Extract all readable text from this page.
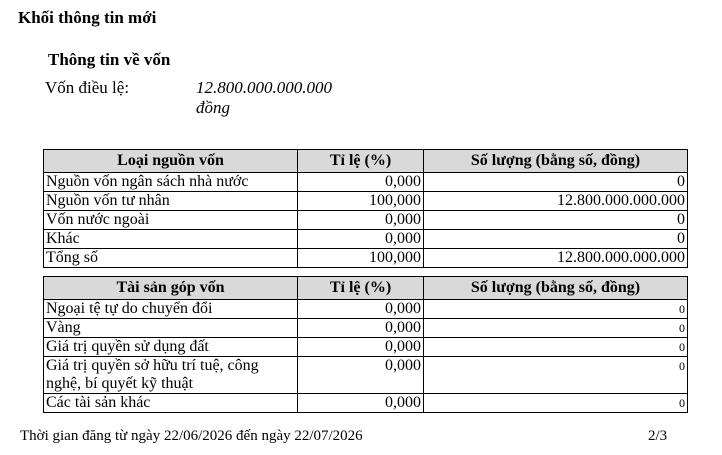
Khối thông tin mới
Thông tin về vốn
Vốn điều lệ:	12.800.000.000.000 đồng
Loại nguồn vốn	Tỉ lệ (%)	Số lượng (bằng số, đồng)
Nguồn vốn ngân sách nhà nước	0,000	0
Nguồn vốn tư nhân	100,000	12.800.000.000.000
Vốn nước ngoài	0,000	0
Khác	0,000	0
Tổng số	100,000	12.800.000.000.000
Tài sản góp vốn	Tỉ lệ (%)	Số lượng (bằng số, đồng)
Ngoại tệ tự do chuyển đổi	0,000	0
Vàng	0,000	0
Giá trị quyền sử dụng đất	0,000	0
Giá trị quyền sở hữu trí tuệ, công nghệ, bí quyết kỹ thuật	0,000	0
Các tài sản khác	0,000	0
Thời gian đăng từ ngày 22/06/2026 đến ngày 22/07/2026	2/3
